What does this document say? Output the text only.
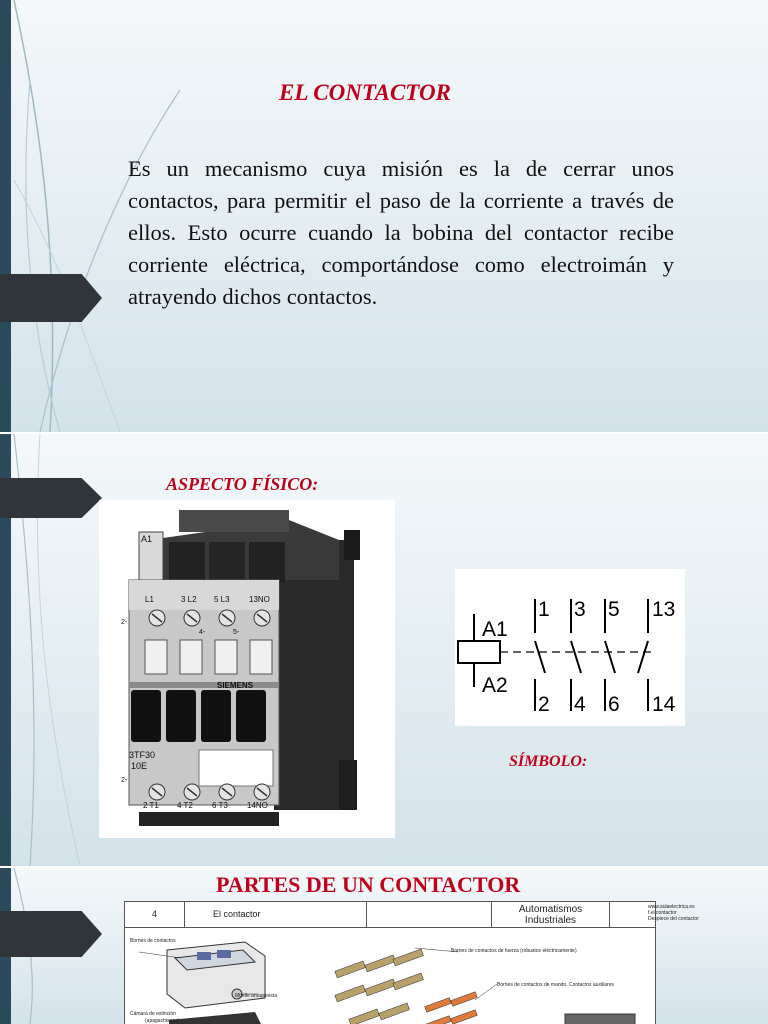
EL CONTACTOR

Es un mecanismo cuya misión es la de cerrar unos contactos, para permitir el paso de la corriente a través de ellos. Esto ocurre cuando la bobina del contactor recibe corriente eléctrica, comportándose como electroimán y atrayendo dichos contactos.

ASPECTO FÍSICO:
A1
L1	3 L2 5 L3 13NO
2-
4-	5-
SIEMENS
3TF30
10E
2-
2 T1 4 T2 6 T3 14NO
A1
A2
1 3 5 13
2 4 6 14
SÍMBOLO:
PARTES DE UN CONTACTOR
4	El contactor	Automatismos
Industriales
www.aulaelectrica.es
f.el.contactor
Despiece del contactor
Bornes de contactos
Muelle antagonista
Cámara de extinción
(apagachispas)
Bornes de contactos de fuerza (robustos eléctricamente)
Bornes de contactos de mando. Contactos auxiliares
